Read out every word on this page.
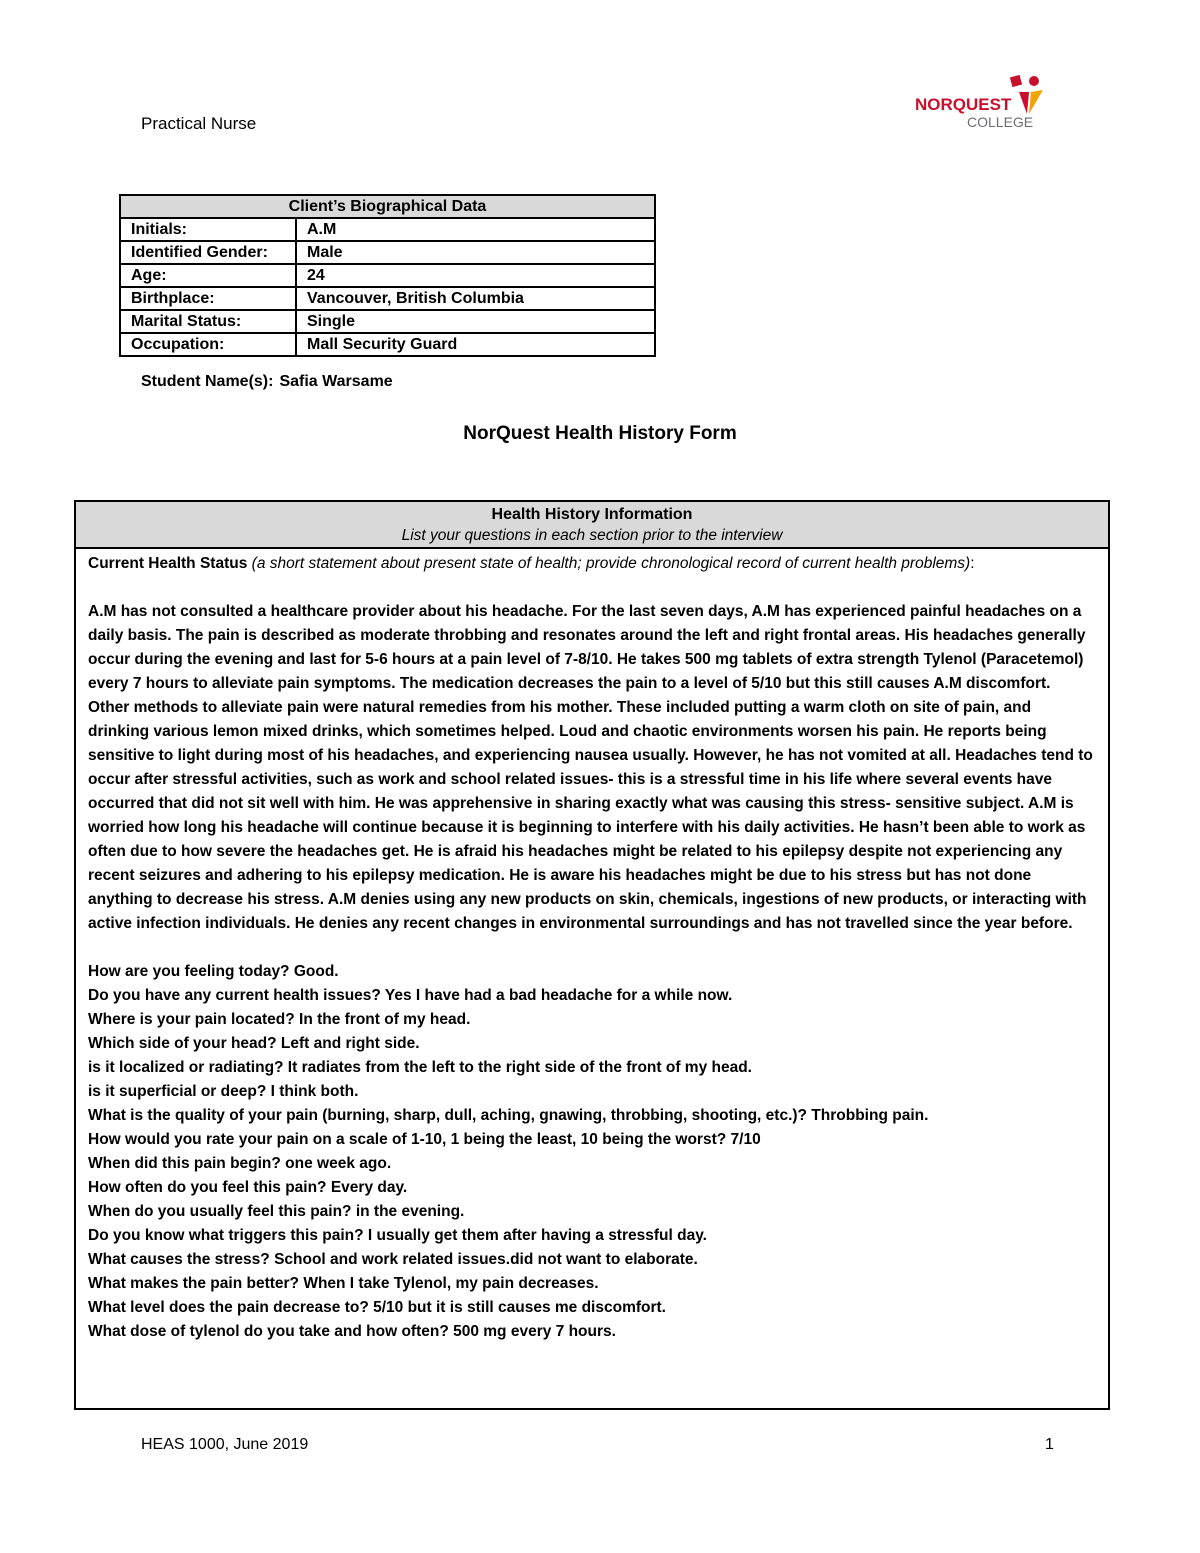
Practical Nurse
NORQUEST
COLLEGE
Client’s Biographical Data	
Initials:	A.M
Identified Gender:	Male
Age:	24
Birthplace:	Vancouver, British Columbia
Marital Status:	Single
Occupation:	Mall Security Guard
Student Name(s): Safia Warsame
NorQuest Health History Form
Health History Information
List your questions in each section prior to the interview
Current Health Status (a short statement about present state of health; provide chronological record of current health problems):
A.M has not consulted a healthcare provider about his headache. For the last seven days, A.M has experienced painful headaches on a daily basis. The pain is described as moderate throbbing and resonates around the left and right frontal areas. His headaches generally occur during the evening and last for 5-6 hours at a pain level of 7-8/10. He takes 500 mg tablets of extra strength Tylenol (Paracetemol) every 7 hours to alleviate pain symptoms. The medication decreases the pain to a level of 5/10 but this still causes A.M discomfort. Other methods to alleviate pain were natural remedies from his mother. These included putting a warm cloth on site of pain, and drinking various lemon mixed drinks, which sometimes helped. Loud and chaotic environments worsen his pain. He reports being sensitive to light during most of his headaches, and experiencing nausea usually. However, he has not vomited at all. Headaches tend to occur after stressful activities, such as work and school related issues- this is a stressful time in his life where several events have occurred that did not sit well with him. He was apprehensive in sharing exactly what was causing this stress- sensitive subject. A.M is worried how long his headache will continue because it is beginning to interfere with his daily activities. He hasn’t been able to work as often due to how severe the headaches get. He is afraid his headaches might be related to his epilepsy despite not experiencing any recent seizures and adhering to his epilepsy medication. He is aware his headaches might be due to his stress but has not done anything to decrease his stress. A.M denies using any new products on skin, chemicals, ingestions of new products, or interacting with active infection individuals. He denies any recent changes in environmental surroundings and has not travelled since the year before.
How are you feeling today? Good.
Do you have any current health issues? Yes I have had a bad headache for a while now.
Where is your pain located? In the front of my head.
Which side of your head? Left and right side.
is it localized or radiating? It radiates from the left to the right side of the front of my head.
is it superficial or deep? I think both.
What is the quality of your pain (burning, sharp, dull, aching, gnawing, throbbing, shooting, etc.)? Throbbing pain.
How would you rate your pain on a scale of 1-10, 1 being the least, 10 being the worst? 7/10
When did this pain begin? one week ago.
How often do you feel this pain? Every day.
When do you usually feel this pain? in the evening.
Do you know what triggers this pain? I usually get them after having a stressful day.
What causes the stress? School and work related issues.did not want to elaborate.
What makes the pain better? When I take Tylenol, my pain decreases.
What level does the pain decrease to? 5/10 but it is still causes me discomfort.
What dose of tylenol do you take and how often? 500 mg every 7 hours.
HEAS 1000, June 2019	1
